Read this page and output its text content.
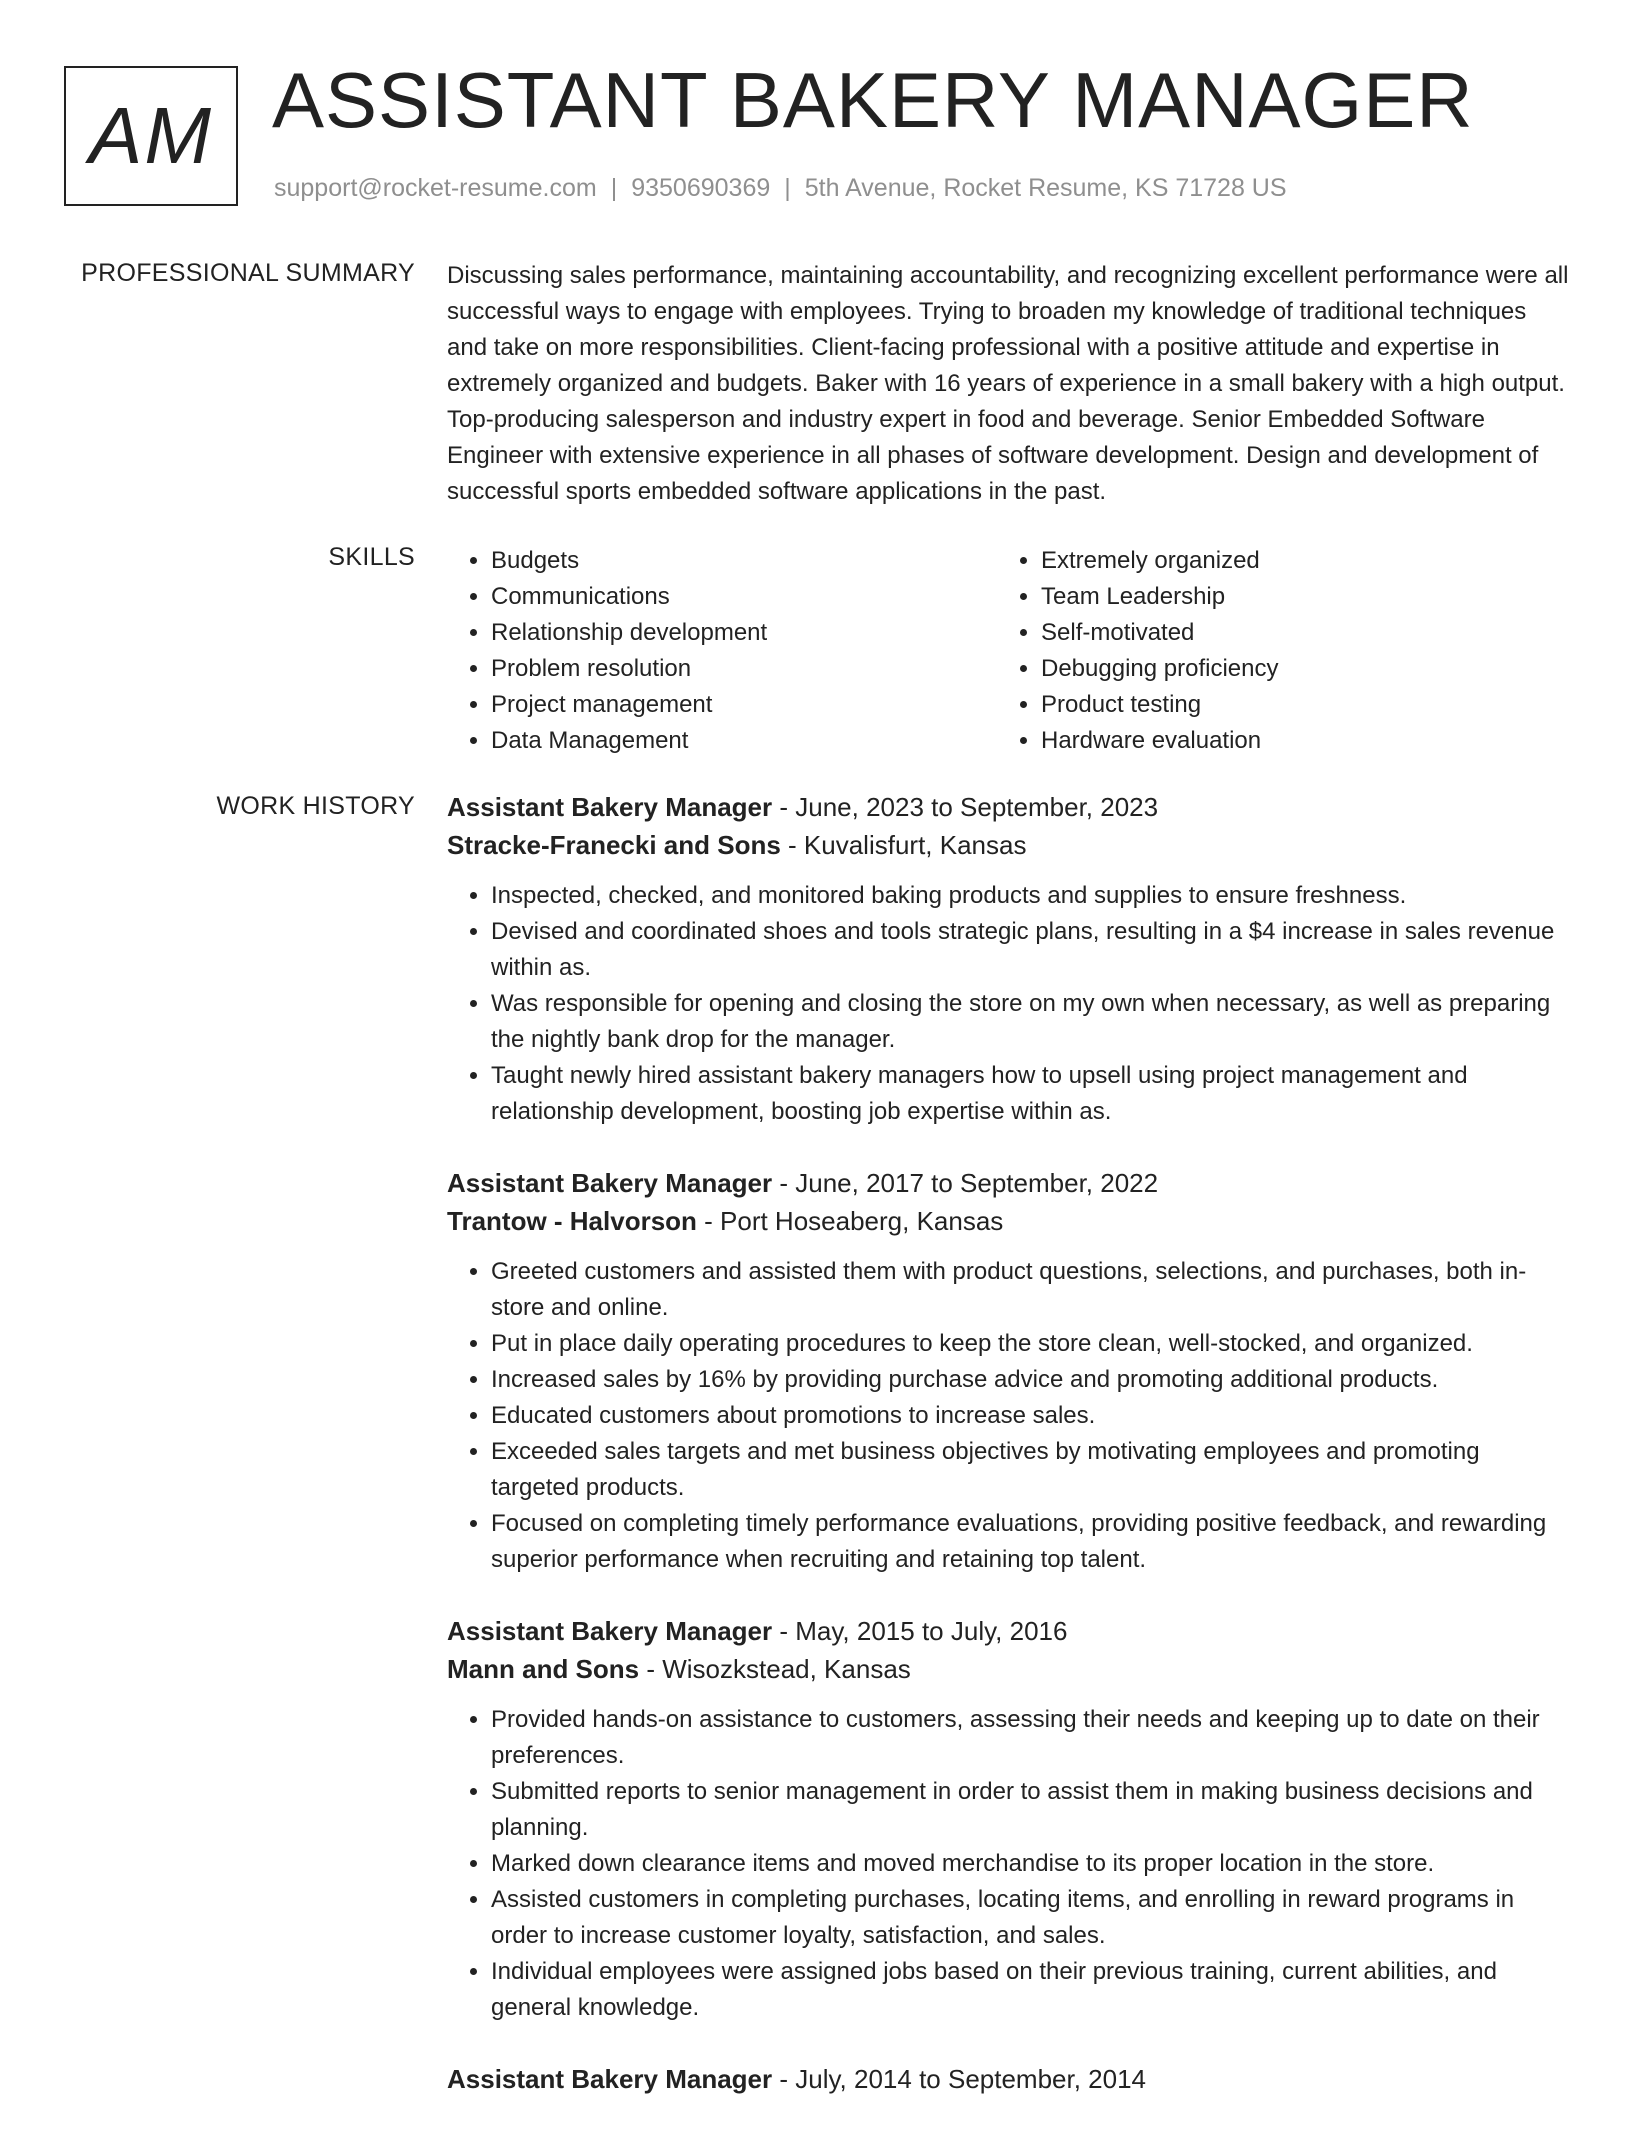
AM ASSISTANT BAKERY MANAGER
support@rocket-resume.com | 9350690369 | 5th Avenue, Rocket Resume, KS 71728 US
PROFESSIONAL SUMMARY Discussing sales performance, maintaining accountability, and recognizing excellent performance were all successful ways to engage with employees. Trying to broaden my knowledge of traditional techniques and take on more responsibilities. Client-facing professional with a positive attitude and expertise in extremely organized and budgets. Baker with 16 years of experience in a small bakery with a high output. Top-producing salesperson and industry expert in food and beverage. Senior Embedded Software Engineer with extensive experience in all phases of software development. Design and development of successful sports embedded software applications in the past.

SKILLS
•	Budgets
• Communications
• Relationship development
• Problem resolution
• Project management
• Data Management
• Extremely organized
• Team Leadership
• Self-motivated
• Debugging proficiency
• Product testing
• Hardware evaluation
WORK HISTORY Assistant Bakery Manager - June, 2023 to September, 2023
Stracke-Franecki and Sons - Kuvalisfurt, Kansas
• Inspected, checked, and monitored baking products and supplies to ensure freshness.
• Devised and coordinated shoes and tools strategic plans, resulting in a $4 increase in sales revenue within as.
• Was responsible for opening and closing the store on my own when necessary, as well as preparing the nightly bank drop for the manager.
• Taught newly hired assistant bakery managers how to upsell using project management and relationship development, boosting job expertise within as.
Assistant Bakery Manager - June, 2017 to September, 2022
Trantow - Halvorson - Port Hoseaberg, Kansas
• Greeted customers and assisted them with product questions, selections, and purchases, both in-store and online.
• Put in place daily operating procedures to keep the store clean, well-stocked, and organized.
• Increased sales by 16% by providing purchase advice and promoting additional products.
• Educated customers about promotions to increase sales.
• Exceeded sales targets and met business objectives by motivating employees and promoting targeted products.
• Focused on completing timely performance evaluations, providing positive feedback, and rewarding superior performance when recruiting and retaining top talent.
Assistant Bakery Manager - May, 2015 to July, 2016
Mann and Sons - Wisozkstead, Kansas
• Provided hands-on assistance to customers, assessing their needs and keeping up to date on their preferences.
• Submitted reports to senior management in order to assist them in making business decisions and planning.
• Marked down clearance items and moved merchandise to its proper location in the store.
• Assisted customers in completing purchases, locating items, and enrolling in reward programs in order to increase customer loyalty, satisfaction, and sales.
• Individual employees were assigned jobs based on their previous training, current abilities, and general knowledge.
Assistant Bakery Manager - July, 2014 to September, 2014
